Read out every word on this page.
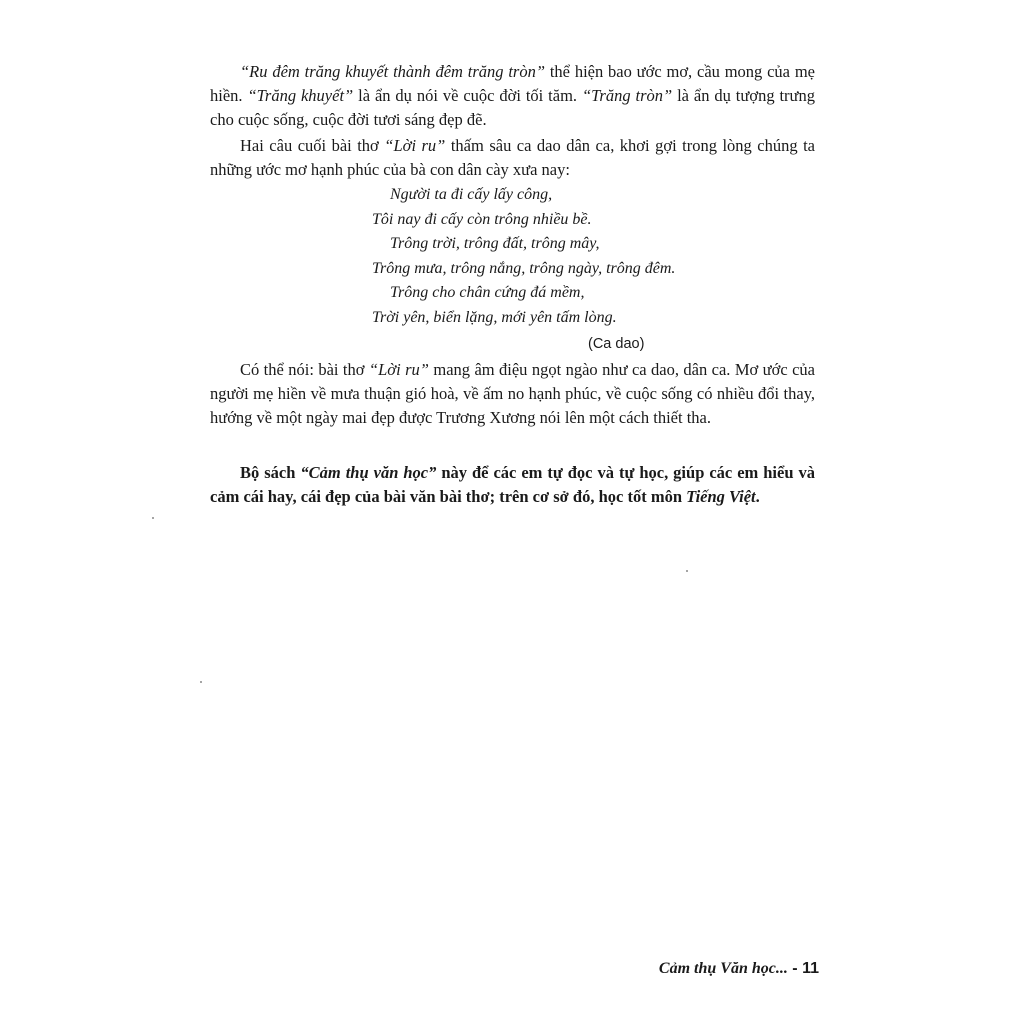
“Ru đêm trăng khuyết thành đêm trăng tròn” thể hiện bao ước mơ, cầu mong của mẹ hiền. “Trăng khuyết” là ẩn dụ nói về cuộc đời tối tăm. “Trăng tròn” là ẩn dụ tượng trưng cho cuộc sống, cuộc đời tươi sáng đẹp đẽ.

Hai câu cuối bài thơ “Lời ru” thấm sâu ca dao dân ca, khơi gợi trong lòng chúng ta những ước mơ hạnh phúc của bà con dân cày xưa nay:

Người ta đi cấy lấy công,
Tôi nay đi cấy còn trông nhiều bề.
Trông trời, trông đất, trông mây,
Trông mưa, trông nắng, trông ngày, trông đêm.
Trông cho chân cứng đá mềm,
Trời yên, biển lặng, mới yên tấm lòng.
(Ca dao)

Có thể nói: bài thơ “Lời ru” mang âm điệu ngọt ngào như ca dao, dân ca. Mơ ước của người mẹ hiền về mưa thuận gió hoà, về ấm no hạnh phúc, về cuộc sống có nhiều đổi thay, hướng về một ngày mai đẹp được Trương Xương nói lên một cách thiết tha.

Bộ sách “Cảm thụ văn học” này để các em tự đọc và tự học, giúp các em hiểu và cảm cái hay, cái đẹp của bài văn bài thơ; trên cơ sở đó, học tốt môn Tiếng Việt.

Cảm thụ Văn học... - 11
